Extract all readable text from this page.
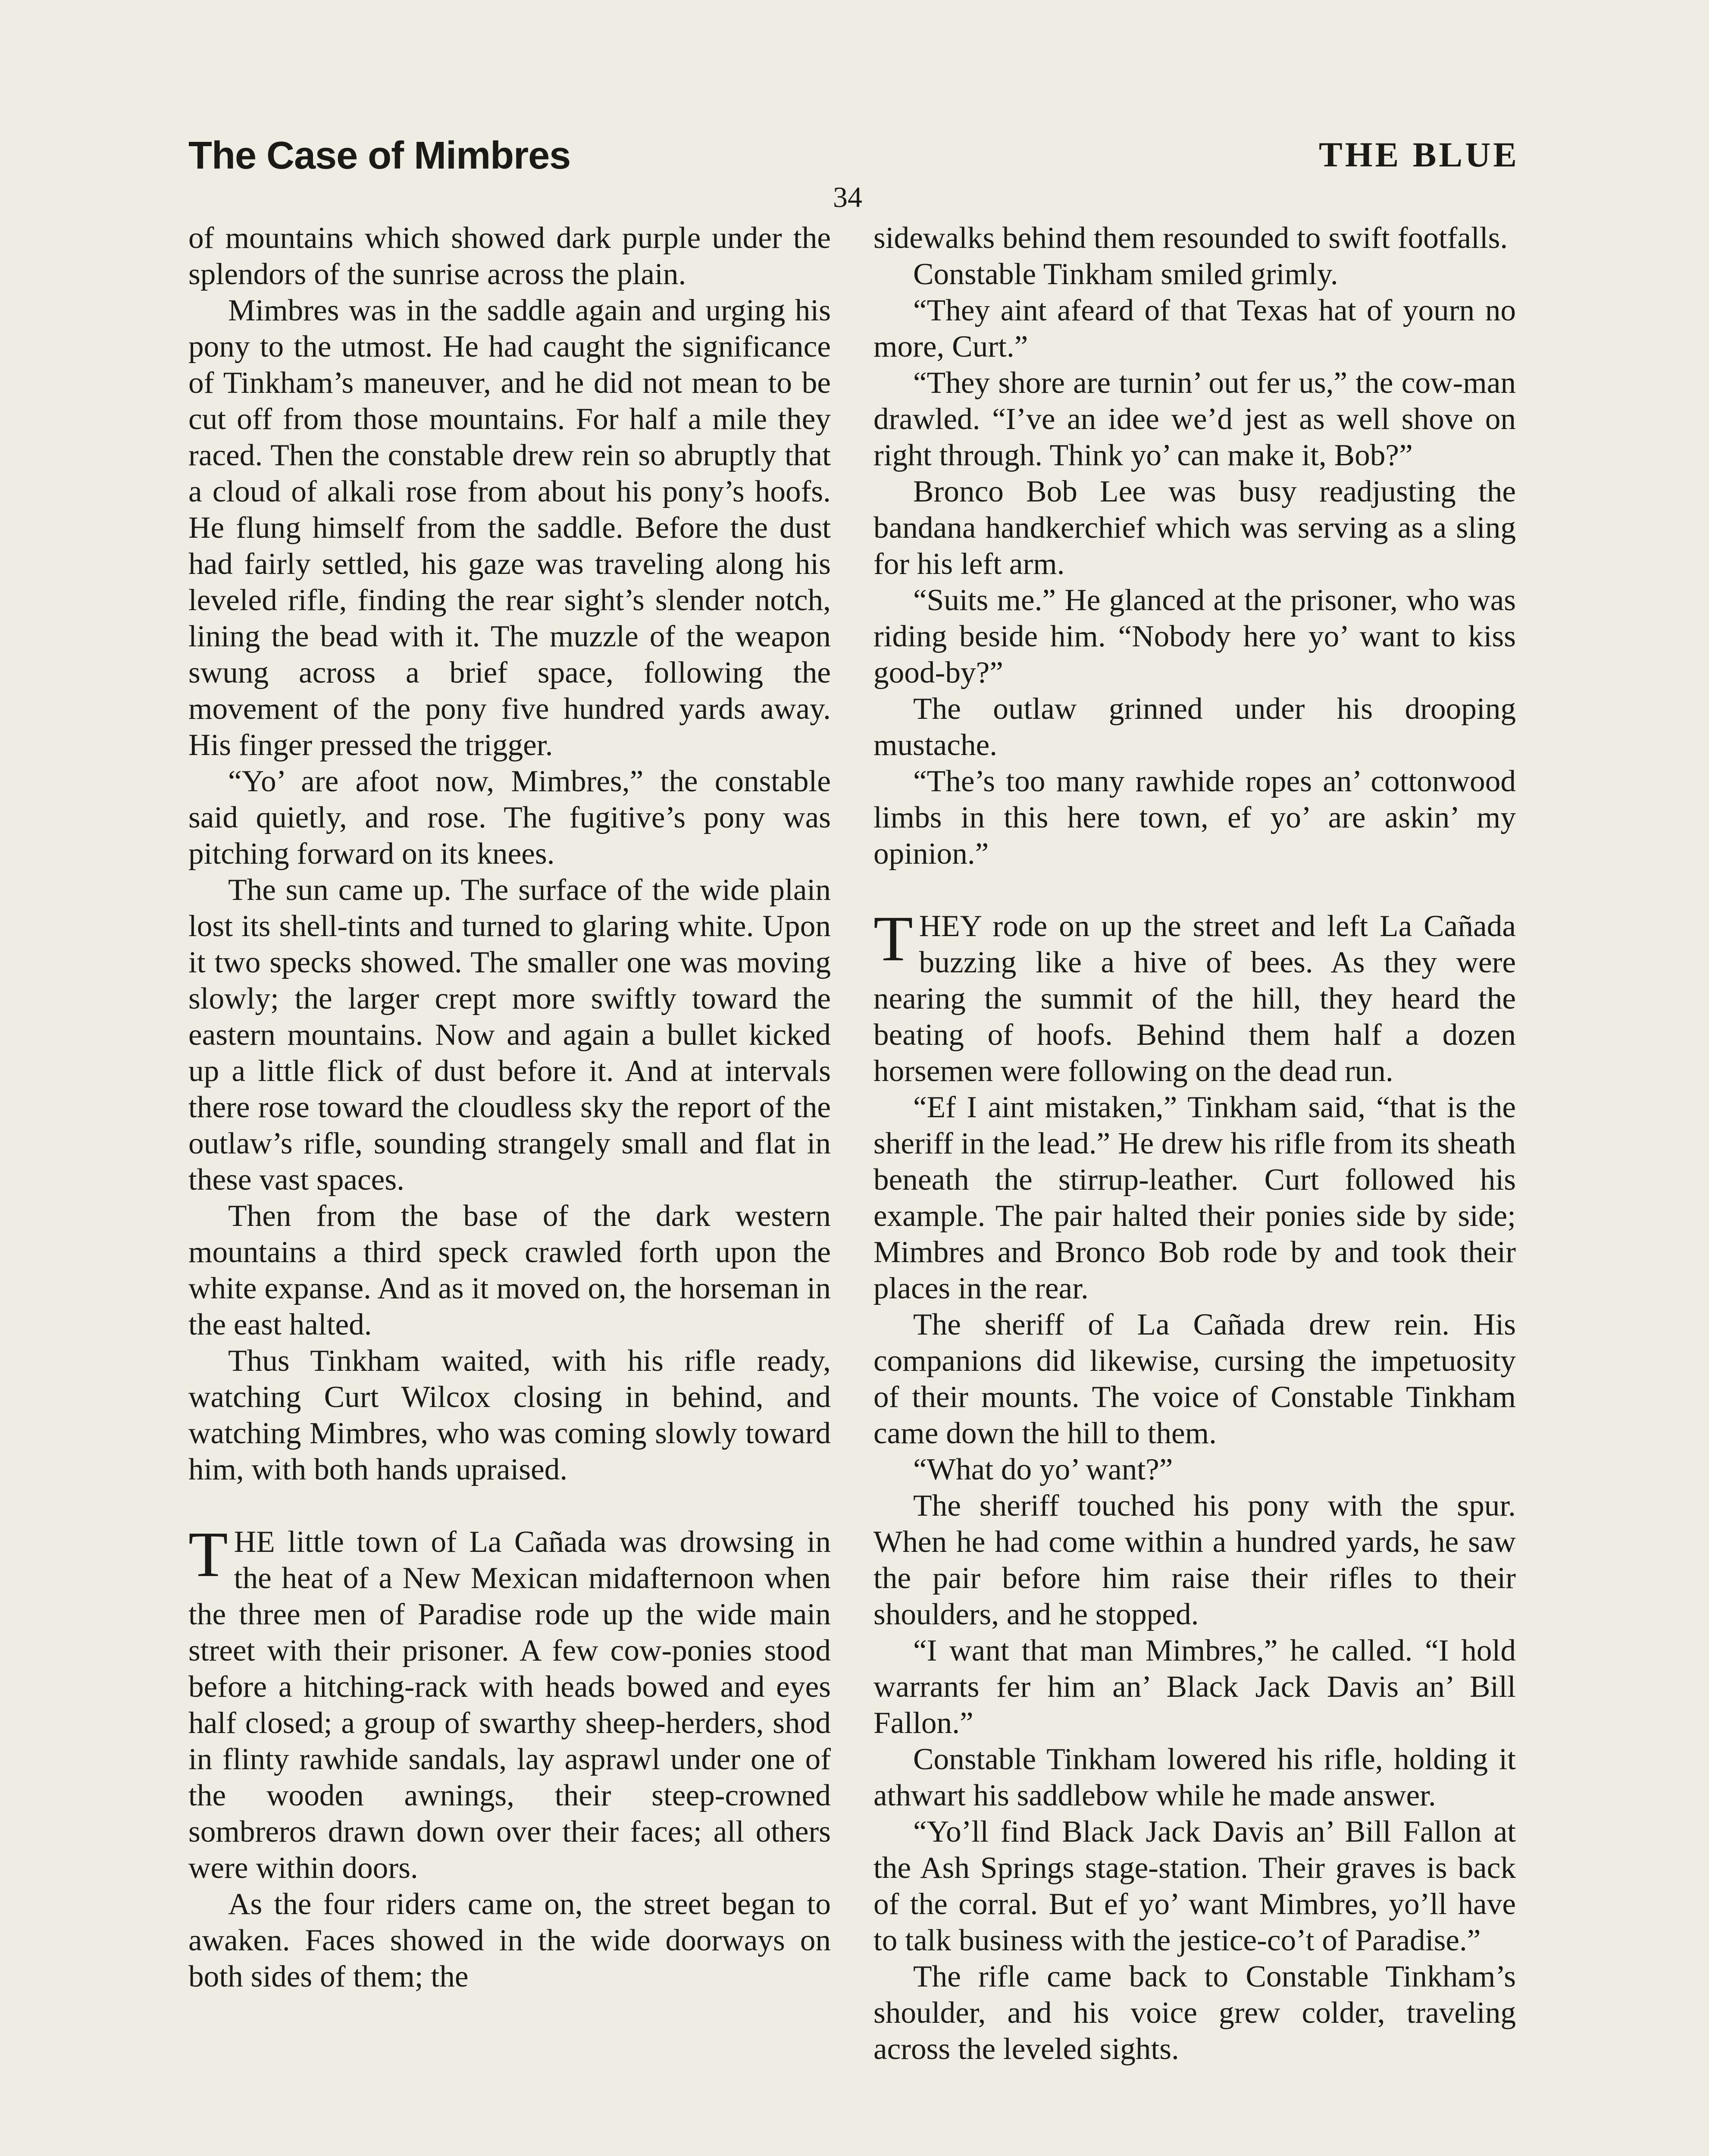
The Case of Mimbres	THE BLUE
34

of mountains which showed dark purple under the splendors of the sunrise across the plain.

Mimbres was in the saddle again and urging his pony to the utmost. He had caught the significance of Tinkham’s maneuver, and he did not mean to be cut off from those mountains. For half a mile they raced. Then the constable drew rein so abruptly that a cloud of alkali rose from about his pony’s hoofs. He flung himself from the saddle. Before the dust had fairly settled, his gaze was traveling along his leveled rifle, finding the rear sight’s slender notch, lining the bead with it. The muzzle of the weapon swung across a brief space, following the movement of the pony five hundred yards away. His finger pressed the trigger.

“Yo’ are afoot now, Mimbres,” the constable said quietly, and rose. The fugitive’s pony was pitching forward on its knees.

The sun came up. The surface of the wide plain lost its shell-tints and turned to glaring white. Upon it two specks showed. The smaller one was moving slowly; the larger crept more swiftly toward the eastern mountains. Now and again a bullet kicked up a little flick of dust before it. And at intervals there rose toward the cloudless sky the report of the outlaw’s rifle, sounding strangely small and flat in these vast spaces.

Then from the base of the dark western mountains a third speck crawled forth upon the white expanse. And as it moved on, the horseman in the east halted.

Thus Tinkham waited, with his rifle ready, watching Curt Wilcox closing in behind, and watching Mimbres, who was coming slowly toward him, with both hands upraised.

THE little town of La Cañada was drowsing in the heat of a New Mexican midafternoon when the three men of Paradise rode up the wide main street with their prisoner. A few cow-ponies stood before a hitching-rack with heads bowed and eyes half closed; a group of swarthy sheep-herders, shod in flinty rawhide sandals, lay asprawl under one of the wooden awnings, their steep-crowned sombreros drawn down over their faces; all others were within doors.

As the four riders came on, the street began to awaken. Faces showed in the wide doorways on both sides of them; the

sidewalks behind them resounded to swift footfalls.

Constable Tinkham smiled grimly.

“They aint afeard of that Texas hat of yourn no more, Curt.”

“They shore are turnin’ out fer us,” the cow-man drawled. “I’ve an idee we’d jest as well shove on right through. Think yo’ can make it, Bob?”

Bronco Bob Lee was busy readjusting the bandana handkerchief which was serving as a sling for his left arm.

“Suits me.” He glanced at the prisoner, who was riding beside him. “Nobody here yo’ want to kiss good-by?”

The outlaw grinned under his drooping mustache.

“The’s too many rawhide ropes an’ cottonwood limbs in this here town, ef yo’ are askin’ my opinion.”

THEY rode on up the street and left La Cañada buzzing like a hive of bees. As they were nearing the summit of the hill, they heard the beating of hoofs. Behind them half a dozen horsemen were following on the dead run.

“Ef I aint mistaken,” Tinkham said, “that is the sheriff in the lead.” He drew his rifle from its sheath beneath the stirrup-leather. Curt followed his example. The pair halted their ponies side by side; Mimbres and Bronco Bob rode by and took their places in the rear.

The sheriff of La Cañada drew rein. His companions did likewise, cursing the impetuosity of their mounts. The voice of Constable Tinkham came down the hill to them.

“What do yo’ want?”

The sheriff touched his pony with the spur. When he had come within a hundred yards, he saw the pair before him raise their rifles to their shoulders, and he stopped.

“I want that man Mimbres,” he called. “I hold warrants fer him an’ Black Jack Davis an’ Bill Fallon.”

Constable Tinkham lowered his rifle, holding it athwart his saddlebow while he made answer.

“Yo’ll find Black Jack Davis an’ Bill Fallon at the Ash Springs stage-station. Their graves is back of the corral. But ef yo’ want Mimbres, yo’ll have to talk business with the jestice-co’t of Paradise.”

The rifle came back to Constable Tinkham’s shoulder, and his voice grew colder, traveling across the leveled sights.
